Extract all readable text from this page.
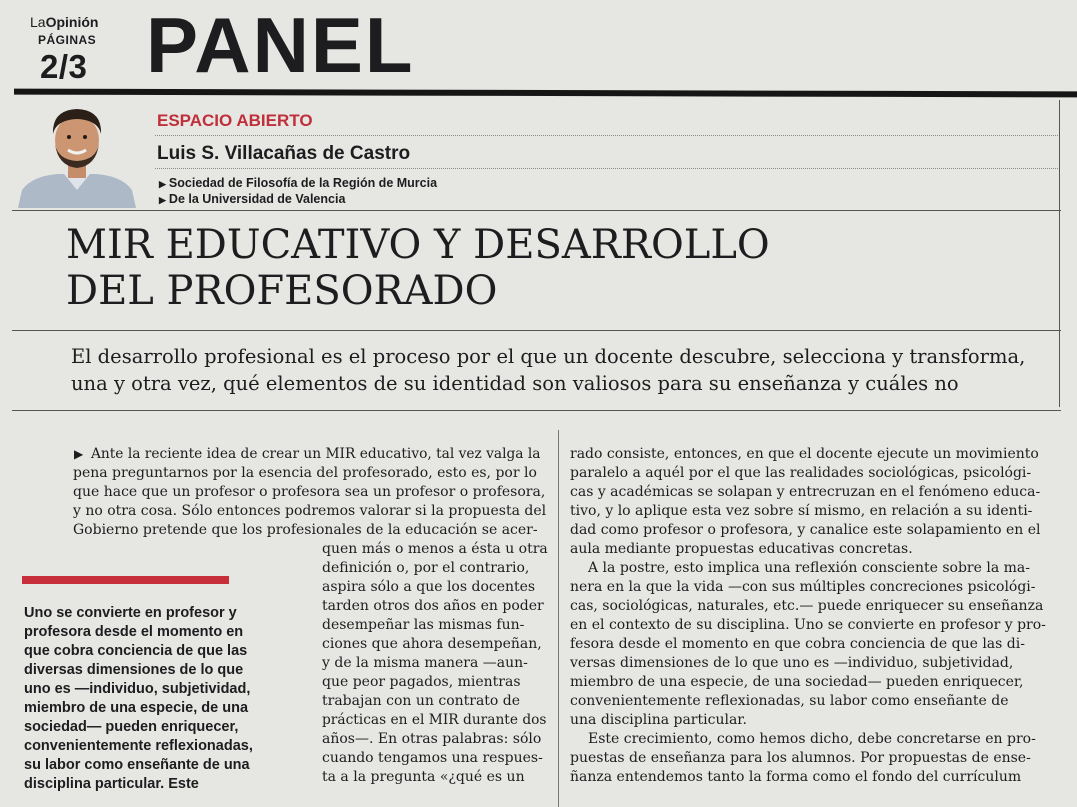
LaOpinión
PÁGINAS
2/3 PANEL
ESPACIO ABIERTO
Luis S. Villacañas de Castro
▶ Sociedad de Filosofía de la Región de Murcia
▶ De la Universidad de Valencia
MIR EDUCATIVO Y DESARROLLO
DEL PROFESORADO
El desarrollo profesional es el proceso por el que un docente descubre, selecciona y transforma,
una y otra vez, qué elementos de su identidad son valiosos para su enseñanza y cuáles no
▶ Ante la reciente idea de crear un MIR educativo, tal vez valga la
pena preguntarnos por la esencia del profesorado, esto es, por lo
que hace que un profesor o profesora sea un profesor o profesora,
y no otra cosa. Sólo entonces podremos valorar si la propuesta del
Gobierno pretende que los profesionales de la educación se acer-
quen más o menos a ésta u otra
definición o, por el contrario,
aspira sólo a que los docentes
tarden otros dos años en poder
desempeñar las mismas fun-
ciones que ahora desempeñan,
y de la misma manera —aun-
que peor pagados, mientras
trabajan con un contrato de
prácticas en el MIR durante dos
años—. En otras palabras: sólo
cuando tengamos una respues-
ta a la pregunta «¿qué es un
Uno se convierte en profesor y
profesora desde el momento en
que cobra conciencia de que las
diversas dimensiones de lo que
uno es —individuo, subjetividad,
miembro de una especie, de una
sociedad— pueden enriquecer,
convenientemente reflexionadas,
su labor como enseñante de una
disciplina particular. Este
rado consiste, entonces, en que el docente ejecute un movimiento
paralelo a aquél por el que las realidades sociológicas, psicológi-
cas y académicas se solapan y entrecruzan en el fenómeno educa-
tivo, y lo aplique esta vez sobre sí mismo, en relación a su identi-
dad como profesor o profesora, y canalice este solapamiento en el
aula mediante propuestas educativas concretas.
A la postre, esto implica una reflexión consciente sobre la ma-
nera en la que la vida —con sus múltiples concreciones psicológi-
cas, sociológicas, naturales, etc.— puede enriquecer su enseñanza
en el contexto de su disciplina. Uno se convierte en profesor y pro-
fesora desde el momento en que cobra conciencia de que las di-
versas dimensiones de lo que uno es —individuo, subjetividad,
miembro de una especie, de una sociedad— pueden enriquecer,
convenientemente reflexionadas, su labor como enseñante de
una disciplina particular.
Este crecimiento, como hemos dicho, debe concretarse en pro-
puestas de enseñanza para los alumnos. Por propuestas de ense-
ñanza entendemos tanto la forma como el fondo del currículum
